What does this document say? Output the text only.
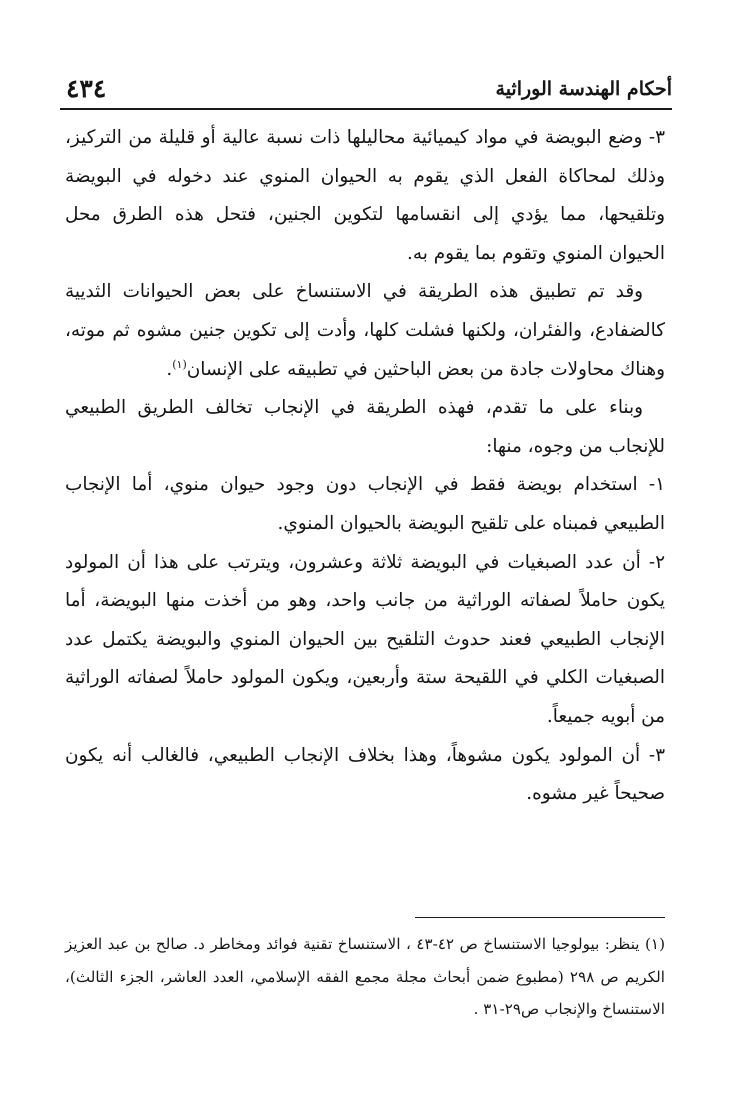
أحكام الهندسة الوراثية
٤٣٤

٣- وضع البويضة في مواد كيميائية محاليلها ذات نسبة عالية أو قليلة من التركيز، وذلك لمحاكاة الفعل الذي يقوم به الحيوان المنوي عند دخوله في البويضة وتلقيحها، مما يؤدي إلى انقسامها لتكوين الجنين، فتحل هذه الطرق محل الحيوان المنوي وتقوم بما يقوم به.

وقد تم تطبيق هذه الطريقة في الاستنساخ على بعض الحيوانات الثديية كالضفادع، والفئران، ولكنها فشلت كلها، وأدت إلى تكوين جنين مشوه ثم موته، وهناك محاولات جادة من بعض الباحثين في تطبيقه على الإنسان$^{(١)}$.

وبناء على ما تقدم، فهذه الطريقة في الإنجاب تخالف الطريق الطبيعي للإنجاب من وجوه، منها:

١- استخدام بويضة فقط في الإنجاب دون وجود حيوان منوي، أما الإنجاب الطبيعي فمبناه على تلقيح البويضة بالحيوان المنوي.

٢- أن عدد الصبغيات في البويضة ثلاثة وعشرون، ويترتب على هذا أن المولود يكون حاملاً لصفاته الوراثية من جانب واحد، وهو من أخذت منها البويضة، أما الإنجاب الطبيعي فعند حدوث التلقيح بين الحيوان المنوي والبويضة يكتمل عدد الصبغيات الكلي في اللقيحة ستة وأربعين، ويكون المولود حاملاً لصفاته الوراثية من أبويه جميعاً.

٣- أن المولود يكون مشوهاً، وهذا بخلاف الإنجاب الطبيعي، فالغالب أنه يكون صحيحاً غير مشوه.

(١) ينظر: بيولوجيا الاستنساخ ص ٤٢-٤٣ ، الاستنساخ تقنية فوائد ومخاطر د. صالح بن عبد العزيز الكريم ص ٢٩٨ (مطبوع ضمن أبحاث مجلة مجمع الفقه الإسلامي، العدد العاشر، الجزء الثالث)، الاستنساخ والإنجاب ص٢٩-٣١ .
